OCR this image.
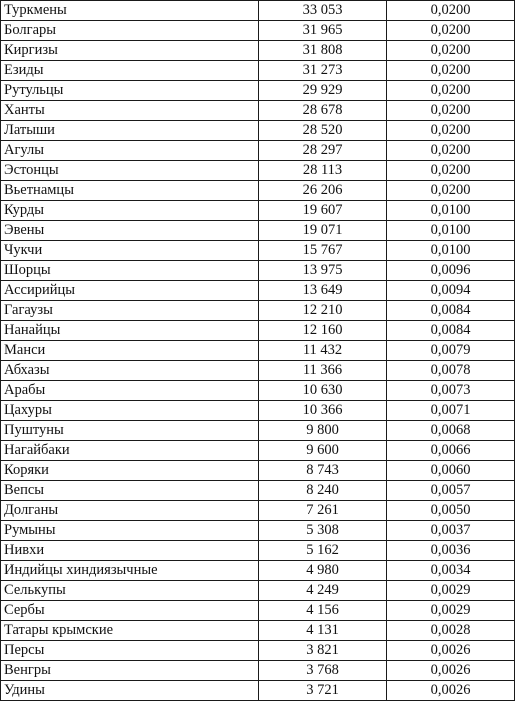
Туркмены	33 053	0,0200
Болгары	31 965	0,0200
Киргизы	31 808	0,0200
Езиды	31 273	0,0200
Рутульцы	29 929	0,0200
Ханты	28 678	0,0200
Латыши	28 520	0,0200
Агулы	28 297	0,0200
Эстонцы	28 113	0,0200
Вьетнамцы	26 206	0,0200
Курды	19 607	0,0100
Эвены	19 071	0,0100
Чукчи	15 767	0,0100
Шорцы	13 975	0,0096
Ассирийцы	13 649	0,0094
Гагаузы	12 210	0,0084
Нанайцы	12 160	0,0084
Манси	11 432	0,0079
Абхазы	11 366	0,0078
Арабы	10 630	0,0073
Цахуры	10 366	0,0071
Пуштуны	9 800	0,0068
Нагайбаки	9 600	0,0066
Коряки	8 743	0,0060
Вепсы	8 240	0,0057
Долганы	7 261	0,0050
Румыны	5 308	0,0037
Нивхи	5 162	0,0036
Индийцы хиндиязычные	4 980	0,0034
Селькупы	4 249	0,0029
Сербы	4 156	0,0029
Татары крымские	4 131	0,0028
Персы	3 821	0,0026
Венгры	3 768	0,0026
Удины	3 721	0,0026
